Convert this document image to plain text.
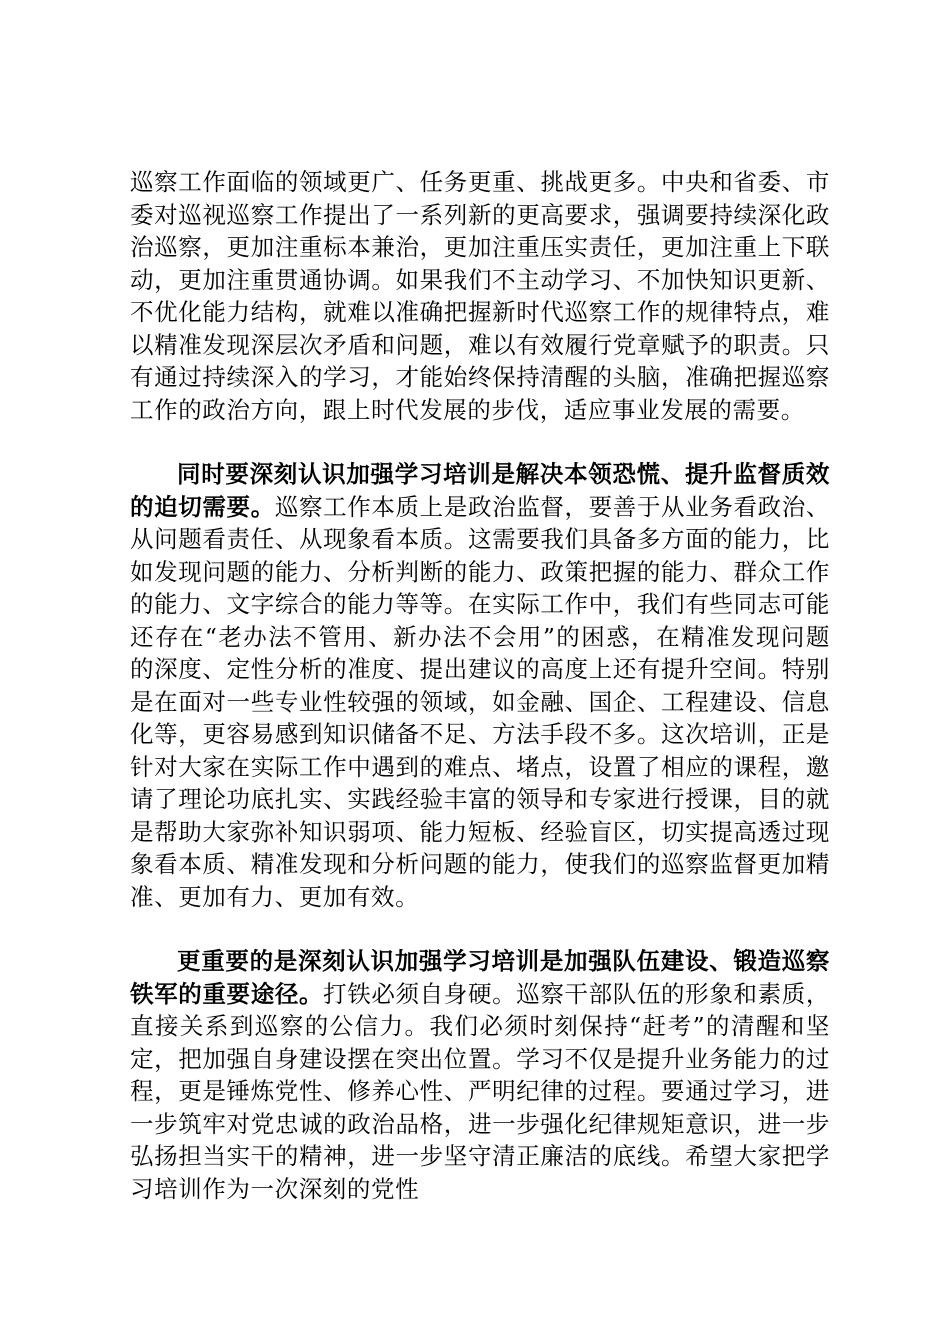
巡察工作面临的领域更广、任务更重、挑战更多。中央和省委、市委对巡视巡察工作提出了一系列新的更高要求，强调要持续深化政治巡察，更加注重标本兼治，更加注重压实责任，更加注重上下联动，更加注重贯通协调。如果我们不主动学习、不加快知识更新、不优化能力结构，就难以准确把握新时代巡察工作的规律特点，难以精准发现深层次矛盾和问题，难以有效履行党章赋予的职责。只有通过持续深入的学习，才能始终保持清醒的头脑，准确把握巡察工作的政治方向，跟上时代发展的步伐，适应事业发展的需要。

同时要深刻认识加强学习培训是解决本领恐慌、提升监督质效的迫切需要。巡察工作本质上是政治监督，要善于从业务看政治、从问题看责任、从现象看本质。这需要我们具备多方面的能力，比如发现问题的能力、分析判断的能力、政策把握的能力、群众工作的能力、文字综合的能力等等。在实际工作中，我们有些同志可能还存在“老办法不管用、新办法不会用”的困惑，在精准发现问题的深度、定性分析的准度、提出建议的高度上还有提升空间。特别是在面对一些专业性较强的领域，如金融、国企、工程建设、信息化等，更容易感到知识储备不足、方法手段不多。这次培训，正是针对大家在实际工作中遇到的难点、堵点，设置了相应的课程，邀请了理论功底扎实、实践经验丰富的领导和专家进行授课，目的就是帮助大家弥补知识弱项、能力短板、经验盲区，切实提高透过现象看本质、精准发现和分析问题的能力，使我们的巡察监督更加精准、更加有力、更加有效。

更重要的是深刻认识加强学习培训是加强队伍建设、锻造巡察铁军的重要途径。打铁必须自身硬。巡察干部队伍的形象和素质，直接关系到巡察的公信力。我们必须时刻保持“赶考”的清醒和坚定，把加强自身建设摆在突出位置。学习不仅是提升业务能力的过程，更是锤炼党性、修养心性、严明纪律的过程。要通过学习，进一步筑牢对党忠诚的政治品格，进一步强化纪律规矩意识，进一步弘扬担当实干的精神，进一步坚守清正廉洁的底线。希望大家把学习培训作为一次深刻的党性
